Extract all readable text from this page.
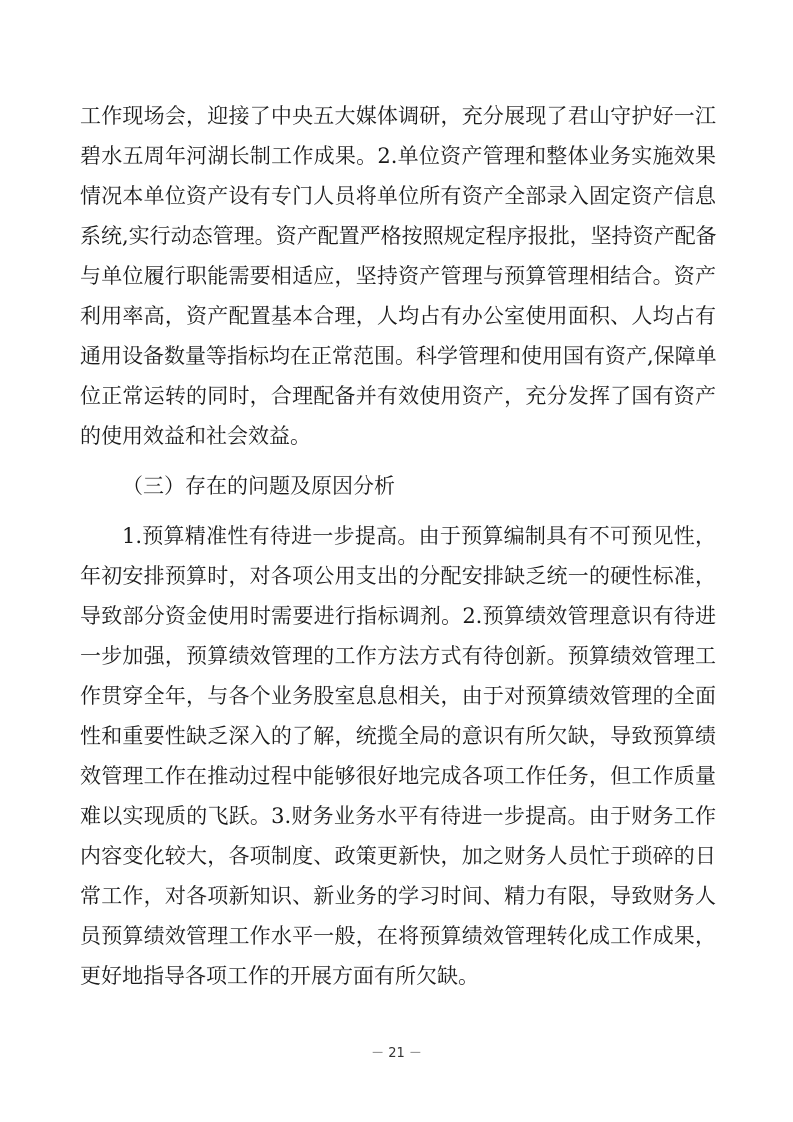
工作现场会，迎接了中央五大媒体调研，充分展现了君山守护好一江
碧水五周年河湖长制工作成果。2.单位资产管理和整体业务实施效果
情况本单位资产设有专门人员将单位所有资产全部录入固定资产信息
系统,实行动态管理。资产配置严格按照规定程序报批，坚持资产配备
与单位履行职能需要相适应，坚持资产管理与预算管理相结合。资产
利用率高，资产配置基本合理，人均占有办公室使用面积、人均占有
通用设备数量等指标均在正常范围。科学管理和使用国有资产,保障单
位正常运转的同时，合理配备并有效使用资产，充分发挥了国有资产
的使用效益和社会效益。
（三）存在的问题及原因分析
1.预算精准性有待进一步提高。由于预算编制具有不可预见性，
年初安排预算时，对各项公用支出的分配安排缺乏统一的硬性标准，
导致部分资金使用时需要进行指标调剂。2.预算绩效管理意识有待进
一步加强，预算绩效管理的工作方法方式有待创新。预算绩效管理工
作贯穿全年，与各个业务股室息息相关，由于对预算绩效管理的全面
性和重要性缺乏深入的了解，统揽全局的意识有所欠缺，导致预算绩
效管理工作在推动过程中能够很好地完成各项工作任务，但工作质量
难以实现质的飞跃。3.财务业务水平有待进一步提高。由于财务工作
内容变化较大，各项制度、政策更新快，加之财务人员忙于琐碎的日
常工作，对各项新知识、新业务的学习时间、精力有限，导致财务人
员预算绩效管理工作水平一般，在将预算绩效管理转化成工作成果，
更好地指导各项工作的开展方面有所欠缺。
－ 21 －
